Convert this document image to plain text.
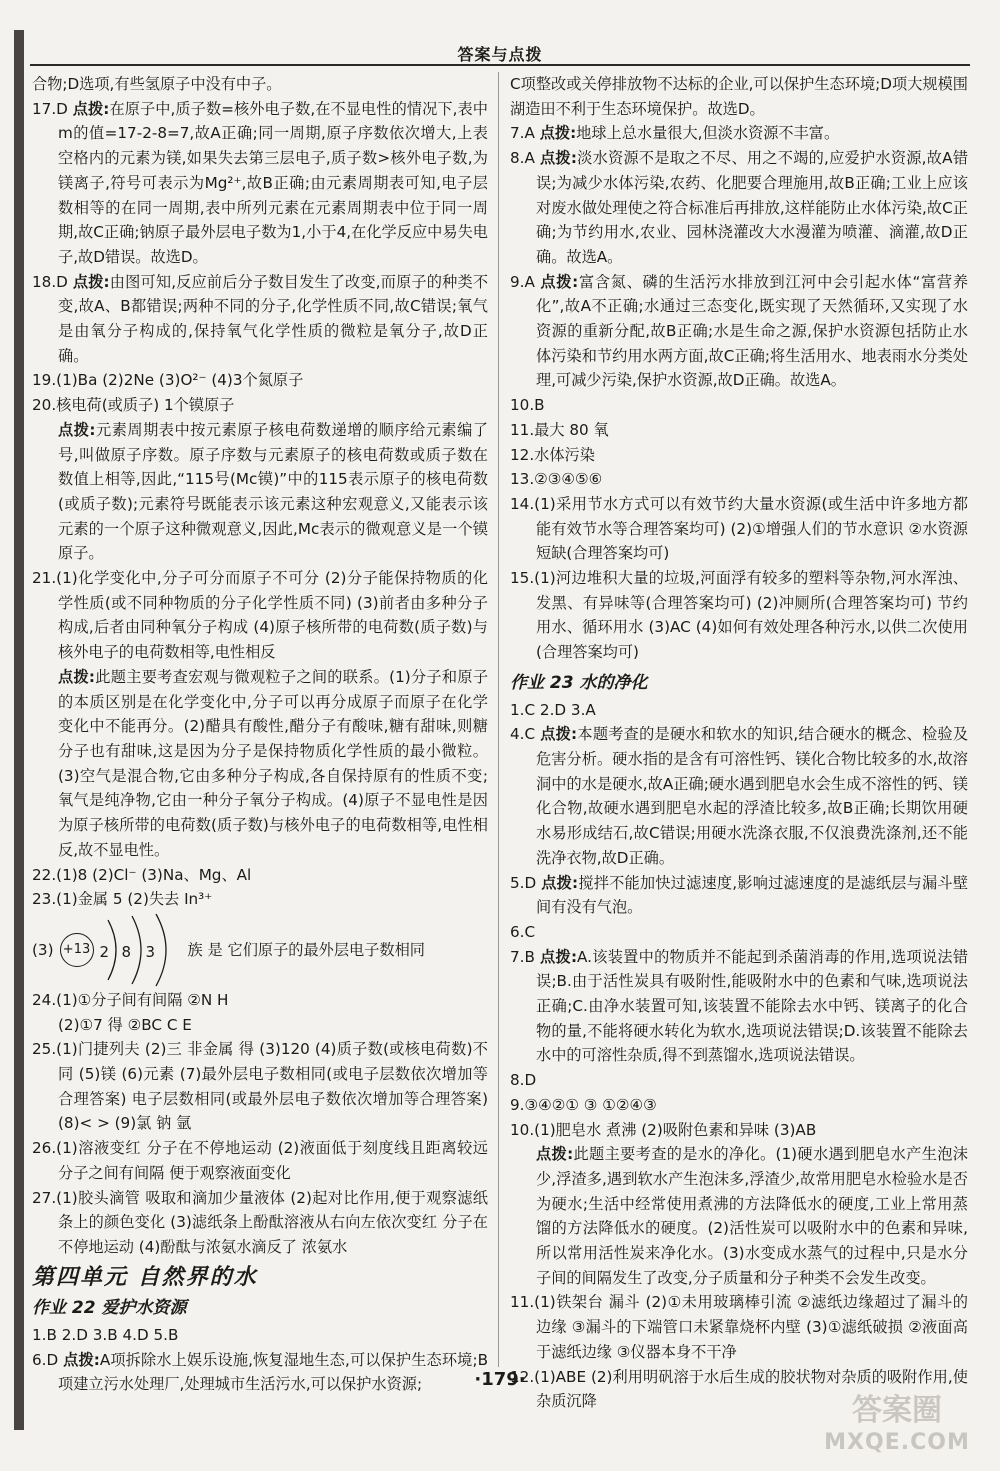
答案与点拨

合物;D选项,有些氢原子中没有中子。

17.D 点拨:在原子中,质子数=核外电子数,在不显电性的情况下,表中m的值=17-2-8=7,故A正确;同一周期,原子序数依次增大,上表空格内的元素为镁,如果失去第三层电子,质子数>核外电子数,为镁离子,符号可表示为Mg²⁺,故B正确;由元素周期表可知,电子层数相等的在同一周期,表中所列元素在元素周期表中位于同一周期,故C正确;钠原子最外层电子数为1,小于4,在化学反应中易失电子,故D错误。故选D。

18.D 点拨:由图可知,反应前后分子数目发生了改变,而原子的种类不变,故A、B都错误;两种不同的分子,化学性质不同,故C错误;氧气是由氧分子构成的,保持氧气化学性质的微粒是氧分子,故D正确。

19.(1)Ba (2)2Ne (3)O²⁻ (4)3个氮原子

20.核电荷(或质子) 1个镆原子

点拨:元素周期表中按元素原子核电荷数递增的顺序给元素编了号,叫做原子序数。原子序数与元素原子的核电荷数或质子数在数值上相等,因此,“115号(Mc镆)”中的115表示原子的核电荷数(或质子数);元素符号既能表示该元素这种宏观意义,又能表示该元素的一个原子这种微观意义,因此,Mc表示的微观意义是一个镆原子。

21.(1)化学变化中,分子可分而原子不可分 (2)分子能保持物质的化学性质(或不同种物质的分子化学性质不同) (3)前者由多种分子构成,后者由同种氧分子构成 (4)原子核所带的电荷数(质子数)与核外电子的电荷数相等,电性相反

点拨:此题主要考查宏观与微观粒子之间的联系。(1)分子和原子的本质区别是在化学变化中,分子可以再分成原子而原子在化学变化中不能再分。(2)醋具有酸性,醋分子有酸味,糖有甜味,则糖分子也有甜味,这是因为分子是保持物质化学性质的最小微粒。(3)空气是混合物,它由多种分子构成,各自保持原有的性质不变;氧气是纯净物,它由一种分子氧分子构成。(4)原子不显电性是因为原子核所带的电荷数(质子数)与核外电子的电荷数相等,电性相反,故不显电性。

22.(1)8 (2)Cl⁻ (3)Na、Mg、Al

23.(1)金属 5 (2)失去 In³⁺

(3) +13 2 8 3 族 是 它们原子的最外层电子数相同

24.(1)①分子间有间隔 ②N H

(2)①7 得 ②BC C E

25.(1)门捷列夫 (2)三 非金属 得 (3)120 (4)质子数(或核电荷数)不同 (5)镁 (6)元素 (7)最外层电子数相同(或电子层数依次增加等合理答案) 电子层数相同(或最外层电子数依次增加等合理答案) (8)< > (9)氯 钠 氩

26.(1)溶液变红 分子在不停地运动 (2)液面低于刻度线且距离较远 分子之间有间隔 便于观察液面变化

27.(1)胶头滴管 吸取和滴加少量液体 (2)起对比作用,便于观察滤纸条上的颜色变化 (3)滤纸条上酚酞溶液从右向左依次变红 分子在不停地运动 (4)酚酞与浓氨水滴反了 浓氨水

第四单元 自然界的水
作业 22 爱护水资源

1.B 2.D 3.B 4.D 5.B

6.D 点拨:A项拆除水上娱乐设施,恢复湿地生态,可以保护生态环境;B项建立污水处理厂,处理城市生活污水,可以保护水资源;

C项整改或关停排放物不达标的企业,可以保护生态环境;D项大规模围湖造田不利于生态环境保护。故选D。

7.A 点拨:地球上总水量很大,但淡水资源不丰富。

8.A 点拨:淡水资源不是取之不尽、用之不竭的,应爱护水资源,故A错误;为减少水体污染,农药、化肥要合理施用,故B正确;工业上应该对废水做处理使之符合标准后再排放,这样能防止水体污染,故C正确;为节约用水,农业、园林浇灌改大水漫灌为喷灌、滴灌,故D正确。故选A。

9.A 点拨:富含氮、磷的生活污水排放到江河中会引起水体“富营养化”,故A不正确;水通过三态变化,既实现了天然循环,又实现了水资源的重新分配,故B正确;水是生命之源,保护水资源包括防止水体污染和节约用水两方面,故C正确;将生活用水、地表雨水分类处理,可减少污染,保护水资源,故D正确。故选A。

10.B

11.最大 80 氧

12.水体污染

13.②③④⑤⑥

14.(1)采用节水方式可以有效节约大量水资源(或生活中许多地方都能有效节水等合理答案均可) (2)①增强人们的节水意识 ②水资源短缺(合理答案均可)

15.(1)河边堆积大量的垃圾,河面浮有较多的塑料等杂物,河水浑浊、发黑、有异味等(合理答案均可) (2)冲厕所(合理答案均可) 节约用水、循环用水 (3)AC (4)如何有效处理各种污水,以供二次使用(合理答案均可)

作业 23 水的净化

1.C 2.D 3.A

4.C 点拨:本题考查的是硬水和软水的知识,结合硬水的概念、检验及危害分析。硬水指的是含有可溶性钙、镁化合物比较多的水,故溶洞中的水是硬水,故A正确;硬水遇到肥皂水会生成不溶性的钙、镁化合物,故硬水遇到肥皂水起的浮渣比较多,故B正确;长期饮用硬水易形成结石,故C错误;用硬水洗涤衣服,不仅浪费洗涤剂,还不能洗净衣物,故D正确。

5.D 点拨:搅拌不能加快过滤速度,影响过滤速度的是滤纸层与漏斗壁间有没有气泡。

6.C

7.B 点拨:A.该装置中的物质并不能起到杀菌消毒的作用,选项说法错误;B.由于活性炭具有吸附性,能吸附水中的色素和气味,选项说法正确;C.由净水装置可知,该装置不能除去水中钙、镁离子的化合物的量,不能将硬水转化为软水,选项说法错误;D.该装置不能除去水中的可溶性杂质,得不到蒸馏水,选项说法错误。

8.D

9.③④②① ③ ①②④③

10.(1)肥皂水 煮沸 (2)吸附色素和异味 (3)AB

点拨:此题主要考查的是水的净化。(1)硬水遇到肥皂水产生泡沫少,浮渣多,遇到软水产生泡沫多,浮渣少,故常用肥皂水检验水是否为硬水;生活中经常使用煮沸的方法降低水的硬度,工业上常用蒸馏的方法降低水的硬度。(2)活性炭可以吸附水中的色素和异味,所以常用活性炭来净化水。(3)水变成水蒸气的过程中,只是水分子间的间隔发生了改变,分子质量和分子种类不会发生改变。

11.(1)铁架台 漏斗 (2)①未用玻璃棒引流 ②滤纸边缘超过了漏斗的边缘 ③漏斗的下端管口未紧靠烧杯内壁 (3)①滤纸破损 ②液面高于滤纸边缘 ③仪器本身不干净

12.(1)ABE (2)利用明矾溶于水后生成的胶状物对杂质的吸附作用,使杂质沉降

·179·
答案圈
MXQE.COM
